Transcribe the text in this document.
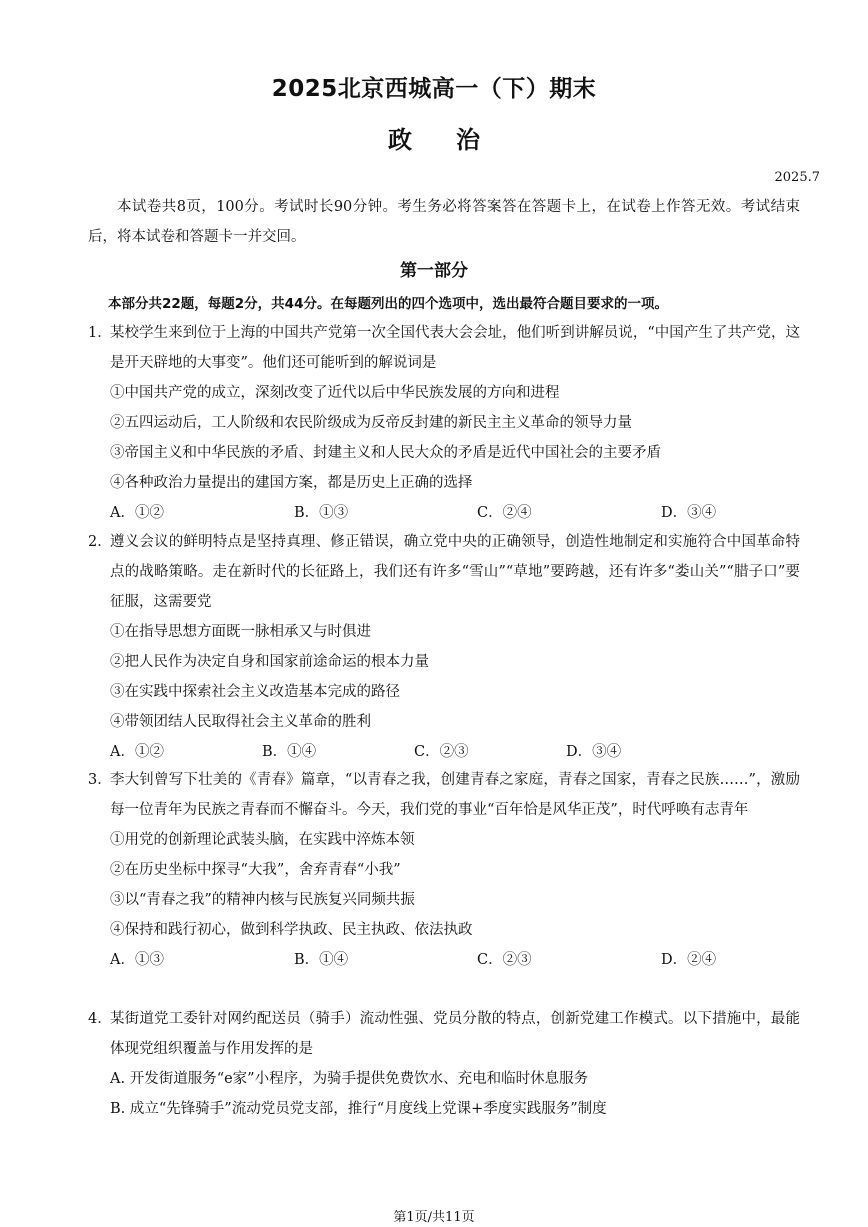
2025北京西城高一（下）期末
政治
2025.7
本试卷共8页，100分。考试时长90分钟。考生务必将答案答在答题卡上，在试卷上作答无效。考试结束后，将本试卷和答题卡一并交回。
第一部分
本部分共22题，每题2分，共44分。在每题列出的四个选项中，选出最符合题目要求的一项。
1．
某校学生来到位于上海的中国共产党第一次全国代表大会会址，他们听到讲解员说，“中国产生了共产党，这是开天辟地的大事变”。他们还可能听到的解说词是
①中国共产党的成立，深刻改变了近代以后中华民族发展的方向和进程
②五四运动后，工人阶级和农民阶级成为反帝反封建的新民主主义革命的领导力量
③帝国主义和中华民族的矛盾、封建主义和人民大众的矛盾是近代中国社会的主要矛盾
④各种政治力量提出的建国方案，都是历史上正确的选择
A．①②	B．①③	C．②④	D．③④
2．
遵义会议的鲜明特点是坚持真理、修正错误，确立党中央的正确领导，创造性地制定和实施符合中国革命特点的战略策略。走在新时代的长征路上，我们还有许多“雪山”“草地”要跨越，还有许多“娄山关”“腊子口”要征服，这需要党
①在指导思想方面既一脉相承又与时俱进
②把人民作为决定自身和国家前途命运的根本力量
③在实践中探索社会主义改造基本完成的路径
④带领团结人民取得社会主义革命的胜利
A．①②	B．①④	C．②③	D．③④
3．
李大钊曾写下壮美的《青春》篇章，“以青春之我，创建青春之家庭，青春之国家，青春之民族……”，激励每一位青年为民族之青春而不懈奋斗。今天，我们党的事业“百年恰是风华正茂”，时代呼唤有志青年
①用党的创新理论武装头脑，在实践中淬炼本领
②在历史坐标中探寻“大我”，舍弃青春“小我”
③以“青春之我”的精神内核与民族复兴同频共振
④保持和践行初心，做到科学执政、民主执政、依法执政
A．①③	B．①④	C．②③	D．②④
4．
某街道党工委针对网约配送员（骑手）流动性强、党员分散的特点，创新党建工作模式。以下措施中，最能体现党组织覆盖与作用发挥的是
A. 开发街道服务“e家”小程序，为骑手提供免费饮水、充电和临时休息服务
B. 成立“先锋骑手”流动党员党支部，推行“月度线上党课+季度实践服务”制度
第1页/共11页
